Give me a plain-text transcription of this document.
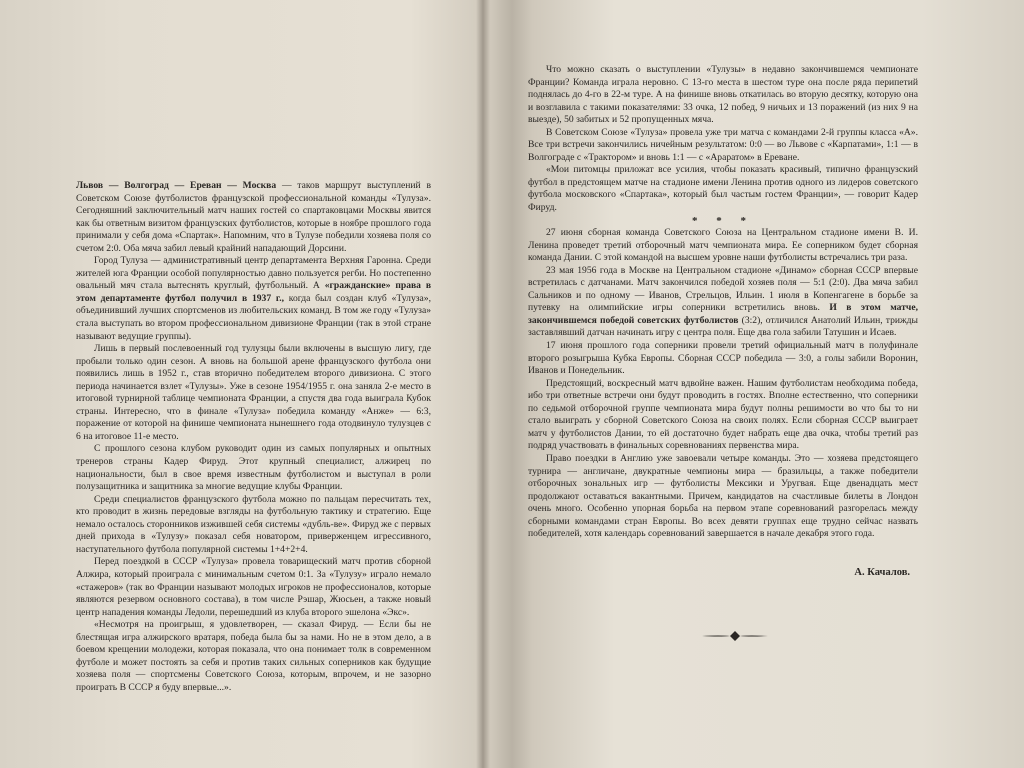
Львов — Волгоград — Ереван — Москва — таков маршрут выступлений в Советском Союзе футболистов французской профессиональной команды «Тулуза». Сегодняшний заключительный матч наших гостей со спартаковцами Москвы явится как бы ответным визитом французских футболистов, которые в ноябре прошлого года принимали у себя дома «Спартак». Напомним, что в Тулузе победили хозяева поля со счетом 2:0. Оба мяча забил левый крайний нападающий Дорсини.

Город Тулуза — административный центр департамента Верхняя Гаронна. Среди жителей юга Франции особой популярностью давно пользуется регби. Но постепенно овальный мяч стала вытеснять круглый, футбольный. А «гражданские» права в этом департаменте футбол получил в 1937 г., когда был создан клуб «Тулуза», объединивший лучших спортсменов из любительских команд. В том же году «Тулуза» стала выступать во втором профессиональном дивизионе Франции (так в этой стране называют ведущие группы).

Лишь в первый послевоенный год тулузцы были включены в высшую лигу, где пробыли только один сезон. А вновь на большой арене французского футбола они появились лишь в 1952 г., став вторично победителем второго дивизиона. С этого периода начинается взлет «Тулузы». Уже в сезоне 1954/1955 г. она заняла 2-е место в итоговой турнирной таблице чемпионата Франции, а спустя два года выиграла Кубок страны. Интересно, что в финале «Тулуза» победила команду «Анже» — 6:3, поражение от которой на финише чемпионата нынешнего года отодвинуло тулузцев с 6 на итоговое 11-е место.

С прошлого сезона клубом руководит один из самых популярных и опытных тренеров страны Кадер Фируд. Этот крупный специалист, алжирец по национальности, был в свое время известным футболистом и выступал в роли полузащитника и защитника за многие ведущие клубы Франции.

Среди специалистов французского футбола можно по пальцам пересчитать тех, кто проводит в жизнь передовые взгляды на футбольную тактику и стратегию. Еще немало осталось сторонников изжившей себя системы «дубль-ве». Фируд же с первых дней прихода в «Тулузу» показал себя новатором, приверженцем игрессивного, наступательного футбола популярной системы 1+4+2+4.

Перед поездкой в СССР «Тулуза» провела товарищеский матч против сборной Алжира, который проиграла с минимальным счетом 0:1. За «Тулузу» играло немало «стажеров» (так во Франции называют молодых игроков не профессионалов, которые являются резервом основного состава), в том числе Рэшар, Жюсьен, а также новый центр нападения команды Ледоли, перешедший из клуба второго эшелона «Экс».

«Несмотря на проигрыш, я удовлетворен, — сказал Фируд. — Если бы не блестящая игра алжирского вратаря, победа была бы за нами. Но не в этом дело, а в боевом крещении молодежи, которая показала, что она понимает толк в современном футболе и может постоять за себя и против таких сильных соперников как будущие хозяева поля — спортсмены Советского Союза, которым, впрочем, и не зазорно проиграть В СССР я буду впервые...».

Что можно сказать о выступлении «Тулузы» в недавно закончившемся чемпионате Франции? Команда играла неровно. С 13-го места в шестом туре она после ряда перипетий поднялась до 4-го в 22-м туре. А на финише вновь откатилась во вторую десятку, которую она и возглавила с такими показателями: 33 очка, 12 побед, 9 ничьих и 13 поражений (из них 9 на выезде), 50 забитых и 52 пропущенных мяча.

В Советском Союзе «Тулуза» провела уже три матча с командами 2-й группы класса «А». Все три встречи закончились ничейным результатом: 0:0 — во Львове с «Карпатами», 1:1 — в Волгограде с «Трактором» и вновь 1:1 — с «Араратом» в Ереване.

«Мои питомцы приложат все усилия, чтобы показать красивый, типично французский футбол в предстоящем матче на стадионе имени Ленина против одного из лидеров советского футбола московского «Спартака», который был частым гостем Франции», — говорит Кадер Фируд.

* * *

27 июня сборная команда Советского Союза на Центральном стадионе имени В. И. Ленина проведет третий отборочный матч чемпионата мира. Ее соперником будет сборная команда Дании. С этой командой на высшем уровне наши футболисты встречались три раза.

23 мая 1956 года в Москве на Центральном стадионе «Динамо» сборная СССР впервые встретилась с датчанами. Матч закончился победой хозяев поля — 5:1 (2:0). Два мяча забил Сальников и по одному — Иванов, Стрельцов, Ильин. 1 июля в Копенгагене в борьбе за путевку на олимпийские игры соперники встретились вновь. И в этом матче, закончившемся победой советских футболистов (3:2), отличился Анатолий Ильин, трижды заставлявший датчан начинать игру с центра поля. Еще два гола забили Татушин и Исаев.

17 июня прошлого года соперники провели третий официальный матч в полуфинале второго розыгрыша Кубка Европы. Сборная СССР победила — 3:0, а голы забили Воронин, Иванов и Понедельник.

Предстоящий, воскресный матч вдвойне важен. Нашим футболистам необходима победа, ибо три ответные встречи они будут проводить в гостях. Вполне естественно, что соперники по седьмой отборочной группе чемпионата мира будут полны решимости во что бы то ни стало выиграть у сборной Советского Союза на своих полях. Если сборная СССР выиграет матч у футболистов Дании, то ей достаточно будет набрать еще два очка, чтобы третий раз подряд участвовать в финальных соревнованиях первенства мира.

Право поездки в Англию уже завоевали четыре команды. Это — хозяева предстоящего турнира — англичане, двукратные чемпионы мира — бразильцы, а также победители отборочных зональных игр — футболисты Мексики и Уругвая. Еще двенадцать мест продолжают оставаться вакантными. Причем, кандидатов на счастливые билеты в Лондон очень много. Особенно упорная борьба на первом этапе соревнований разгорелась между сборными командами стран Европы. Во всех девяти группах еще трудно сейчас назвать победителей, хотя календарь соревнований завершается в начале декабря этого года.

А. Качалов.
